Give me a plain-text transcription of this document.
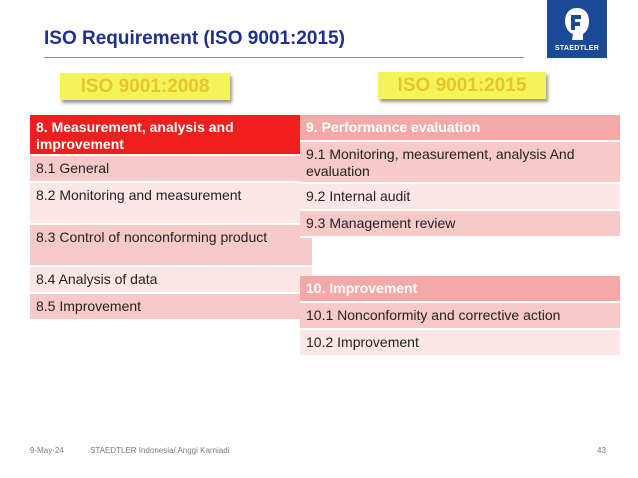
ISO Requirement (ISO 9001:2015)	STAEDTLER
ISO 9001:2008	ISO 9001:2015
8. Measurement, analysis and improvement
8.1 General
8.2 Monitoring and measurement
8.3 Control of nonconforming product
8.4 Analysis of data
8.5 Improvement
9. Performance evaluation
9.1 Monitoring, measurement, analysis And evaluation
9.2 Internal audit
9.3 Management review
10. Improvement
10.1 Nonconformity and corrective action
10.2 Improvement
9-May-24	STAEDTLER Indonesia/ Anggi Karniadi	43
